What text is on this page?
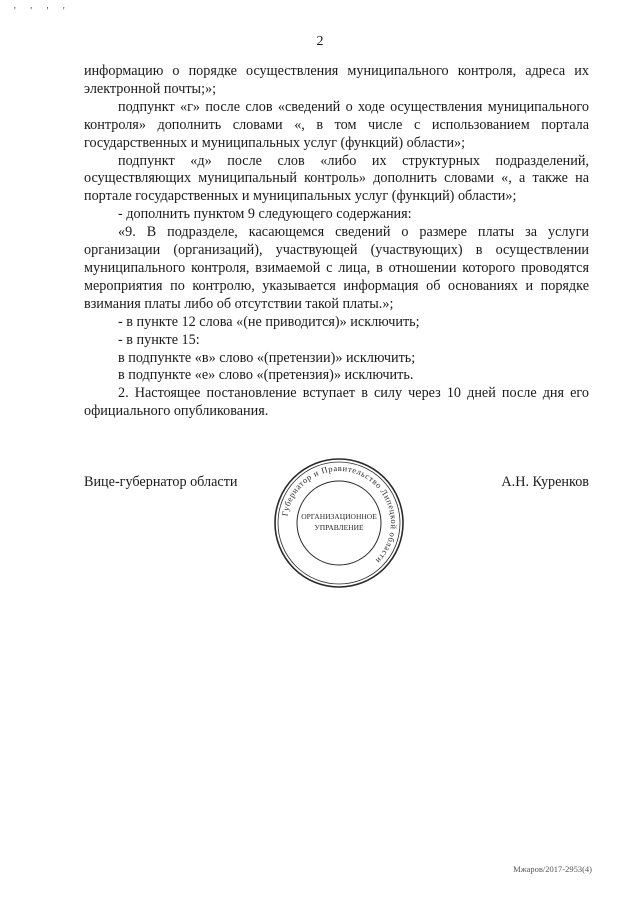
' ' ' '
2

информацию о порядке осуществления муниципального контроля, адреса их электронной почты;»;

подпункт «г» после слов «сведений о ходе осуществления муниципального контроля» дополнить словами «, в том числе с использованием портала государственных и муниципальных услуг (функций) области»;

подпункт «д» после слов «либо их структурных подразделений, осуществляющих муниципальный контроль» дополнить словами «, а также на портале государственных и муниципальных услуг (функций) области»;

- дополнить пунктом 9 следующего содержания:

«9. В подразделе, касающемся сведений о размере платы за услуги организации (организаций), участвующей (участвующих) в осуществлении муниципального контроля, взимаемой с лица, в отношении которого проводятся мероприятия по контролю, указывается информация об основаниях и порядке взимания платы либо об отсутствии такой платы.»;

- в пункте 12 слова «(не приводится)» исключить;

- в пункте 15:

в подпункте «в» слово «(претензии)» исключить;

в подпункте «е» слово «(претензия)» исключить.

2. Настоящее постановление вступает в силу через 10 дней после дня его официального опубликования.

Вице-губернатор области	А.Н. Куренков
Губернатор и Правительство Липецкой области
ОРГАНИЗАЦИОННОЕ
УПРАВЛЕНИЕ
Мжаров/2017-2953(4)
